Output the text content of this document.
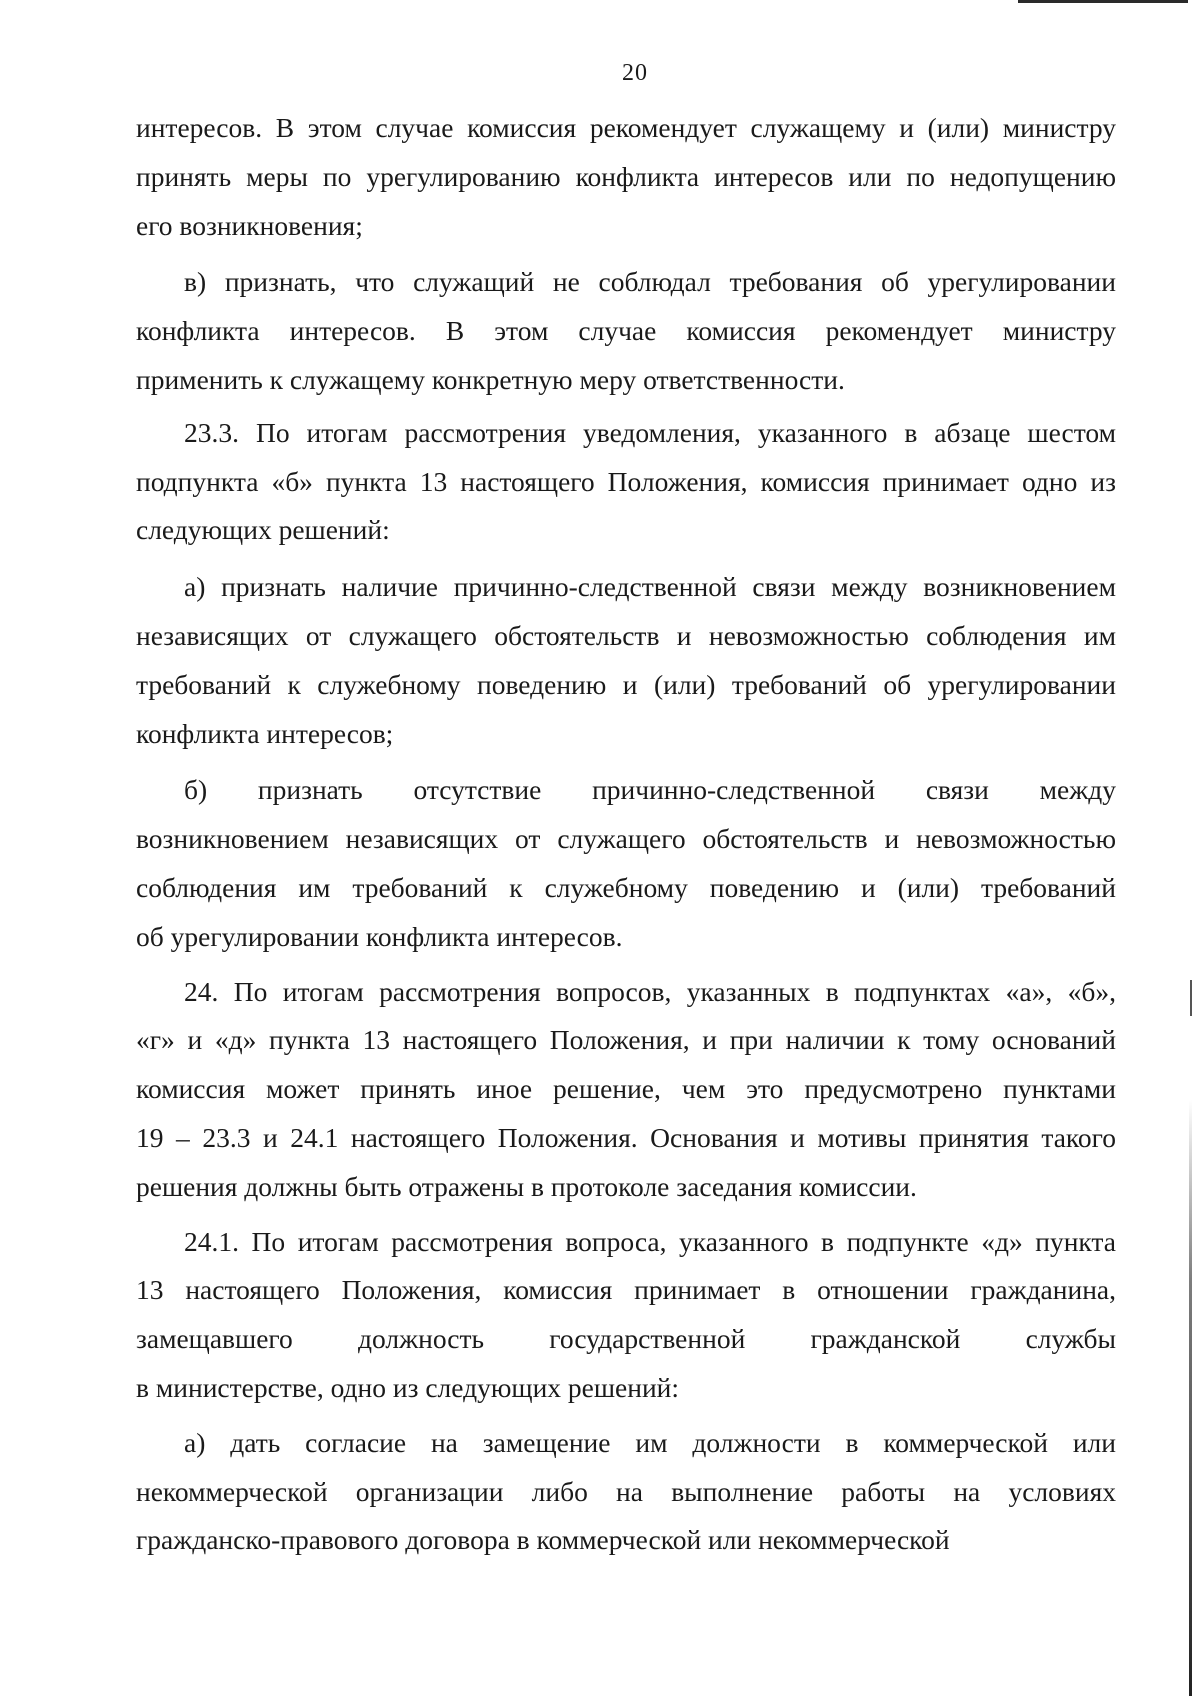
20

интересов. В этом случае комиссия рекомендует служащему и (или) министру
принять меры по урегулированию конфликта интересов или по недопущению
его возникновения;

в) признать, что служащий не соблюдал требования об урегулировании
конфликта интересов. В этом случае комиссия рекомендует министру
применить к служащему конкретную меру ответственности.

23.3. По итогам рассмотрения уведомления, указанного в абзаце шестом
подпункта «б» пункта 13 настоящего Положения, комиссия принимает одно из
следующих решений:

а) признать наличие причинно-следственной связи между возникновением
независящих от служащего обстоятельств и невозможностью соблюдения им
требований к служебному поведению и (или) требований об урегулировании
конфликта интересов;

б) признать отсутствие причинно-следственной связи между
возникновением независящих от служащего обстоятельств и невозможностью
соблюдения им требований к служебному поведению и (или) требований
об урегулировании конфликта интересов.

24. По итогам рассмотрения вопросов, указанных в подпунктах «а», «б»,
«г» и «д» пункта 13 настоящего Положения, и при наличии к тому оснований
комиссия может принять иное решение, чем это предусмотрено пунктами
19 – 23.3 и 24.1 настоящего Положения. Основания и мотивы принятия такого
решения должны быть отражены в протоколе заседания комиссии.

24.1. По итогам рассмотрения вопроса, указанного в подпункте «д» пункта
13 настоящего Положения, комиссия принимает в отношении гражданина,
замещавшего должность государственной гражданской службы
в министерстве, одно из следующих решений:

а) дать согласие на замещение им должности в коммерческой или
некоммерческой организации либо на выполнение работы на условиях
гражданско-правового договора в коммерческой или некоммерческой
